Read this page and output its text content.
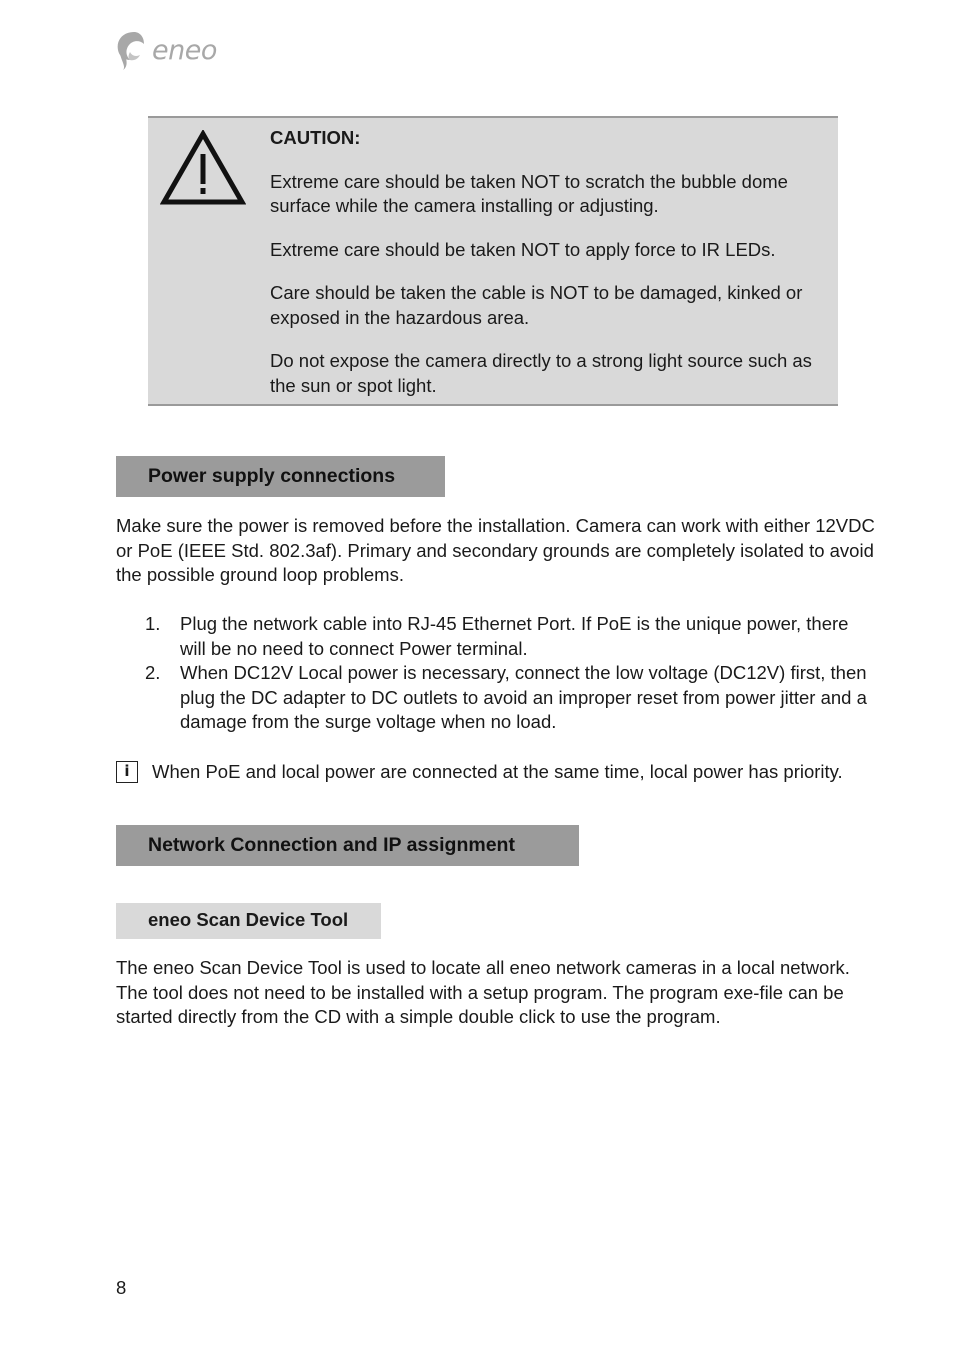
eneo

CAUTION:

Extreme care should be taken NOT to scratch the bubble dome surface while the camera installing or adjusting.

Extreme care should be taken NOT to apply force to IR LEDs.

Care should be taken the cable is NOT to be damaged, kinked or exposed in the hazardous area.

Do not expose the camera directly to a strong light source such as the sun or spot light.

Power supply connections

Make sure the power is removed before the installation. Camera can work with either 12VDC or PoE (IEEE Std. 802.3af). Primary and secondary grounds are completely isolated to avoid the possible ground loop problems.

1.	Plug the network cable into RJ-45 Ethernet Port. If PoE is the unique power, there will be no need to connect Power terminal.
2.	When DC12V Local power is necessary, connect the low voltage (DC12V) first, then plug the DC adapter to DC outlets to avoid an improper reset from power jitter and a damage from the surge voltage when no load.
i	When PoE and local power are connected at the same time, local power has priority.
Network Connection and IP assignment
eneo Scan Device Tool

The eneo Scan Device Tool is used to locate all eneo network cameras in a local network. The tool does not need to be installed with a setup program. The program exe-file can be started directly from the CD with a simple double click to use the program.

8
